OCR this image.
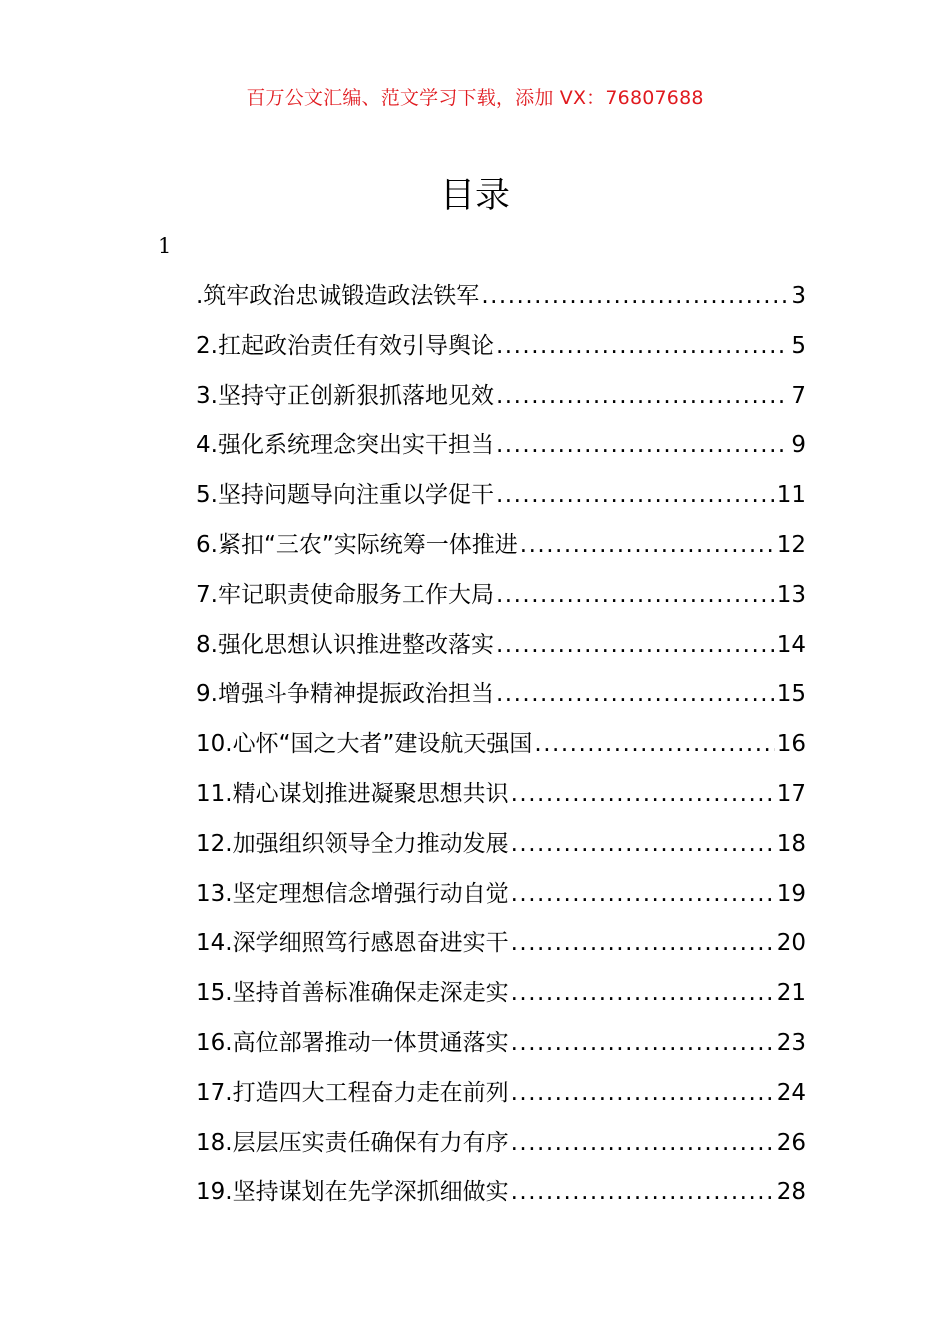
百万公文汇编、范文学习下载，添加 VX：76807688
目录
1
.筑牢政治忠诚锻造政法铁军 .....	3
2.扛起政治责任有效引导舆论 .....	5
3.坚持守正创新狠抓落地见效 .....	7
4.强化系统理念突出实干担当 .....	9
5.坚持问题导向注重以学促干 .....	11
6.紧扣“三农”实际统筹一体推进 .....	12
7.牢记职责使命服务工作大局 .....	13
8.强化思想认识推进整改落实 .....	14
9.增强斗争精神提振政治担当 .....	15
10.心怀“国之大者”建设航天强国 .....	16
11.精心谋划推进凝聚思想共识 .....	17
12.加强组织领导全力推动发展 .....	18
13.坚定理想信念增强行动自觉 .....	19
14.深学细照笃行感恩奋进实干 .....	20
15.坚持首善标准确保走深走实 .....	21
16.高位部署推动一体贯通落实 .....	23
17.打造四大工程奋力走在前列 .....	24
18.层层压实责任确保有力有序 .....	26
19.坚持谋划在先学深抓细做实 .....	28
